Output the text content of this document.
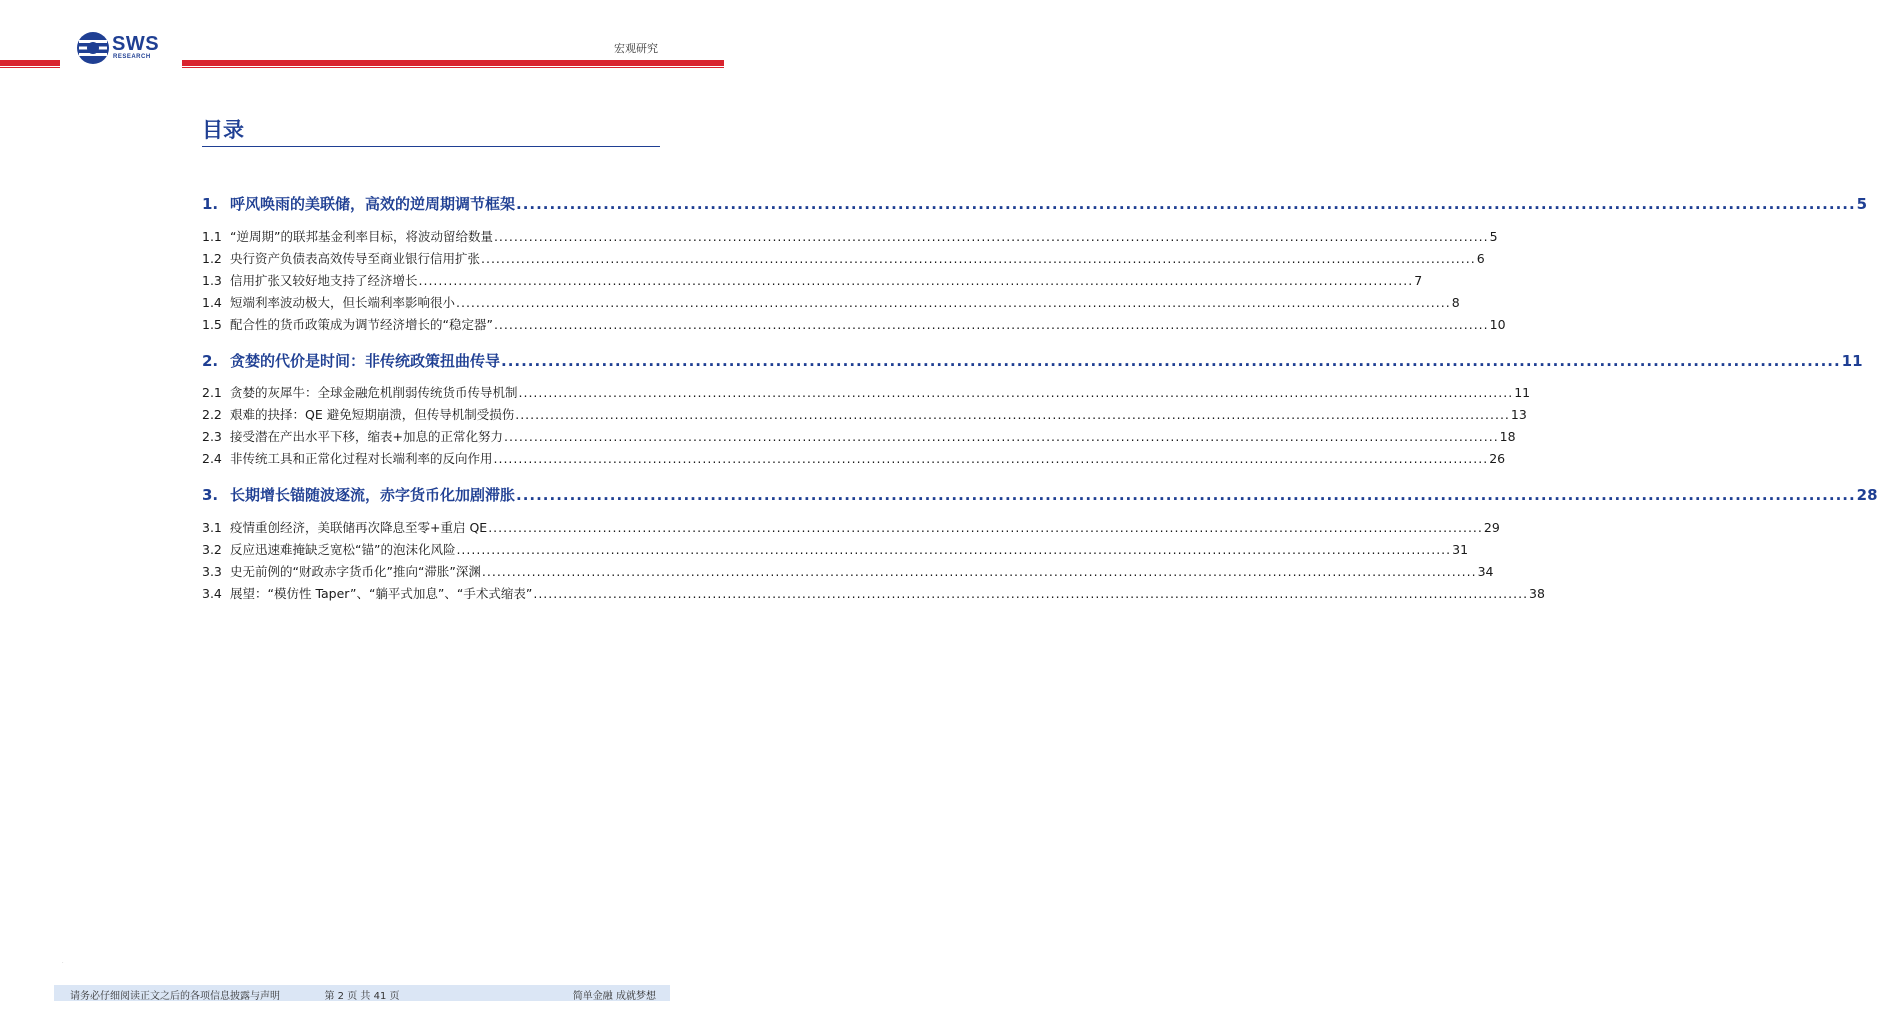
SWS
RESEARCH
宏观研究
目录
1. 呼风唤雨的美联储，高效的逆周期调节框架 ........................................................................................................................................................................................................ 5
1.1 “逆周期”的联邦基金利率目标，将波动留给数量 ........................................................................................................................................................................................................ 5
1.2 央行资产负债表高效传导至商业银行信用扩张 ........................................................................................................................................................................................................ 6
1.3 信用扩张又较好地支持了经济增长 ........................................................................................................................................................................................................ 7
1.4 短端利率波动极大，但长端利率影响很小 ........................................................................................................................................................................................................ 8
1.5 配合性的货币政策成为调节经济增长的“稳定器” ........................................................................................................................................................................................................ 10
2. 贪婪的代价是时间：非传统政策扭曲传导 ........................................................................................................................................................................................................ 11
2.1 贪婪的灰犀牛：全球金融危机削弱传统货币传导机制 ........................................................................................................................................................................................................ 11
2.2 艰难的抉择：QE 避免短期崩溃，但传导机制受损伤 ........................................................................................................................................................................................................ 13
2.3 接受潜在产出水平下移，缩表+加息的正常化努力 ........................................................................................................................................................................................................ 18
2.4 非传统工具和正常化过程对长端利率的反向作用 ........................................................................................................................................................................................................ 26
3. 长期增长锚随波逐流，赤字货币化加剧滞胀 ........................................................................................................................................................................................................ 28
3.1 疫情重创经济，美联储再次降息至零+重启 QE ........................................................................................................................................................................................................ 29
3.2 反应迅速难掩缺乏宽松“锚”的泡沫化风险 ........................................................................................................................................................................................................ 31
3.3 史无前例的“财政赤字货币化”推向“滞胀”深渊 ........................................................................................................................................................................................................ 34
3.4 展望：“模仿性 Taper”、“躺平式加息”、“手术式缩表” ........................................................................................................................................................................................................ 38
·
请务必仔细阅读正文之后的各项信息披露与声明	第 2 页 共 41 页	简单金融 成就梦想
